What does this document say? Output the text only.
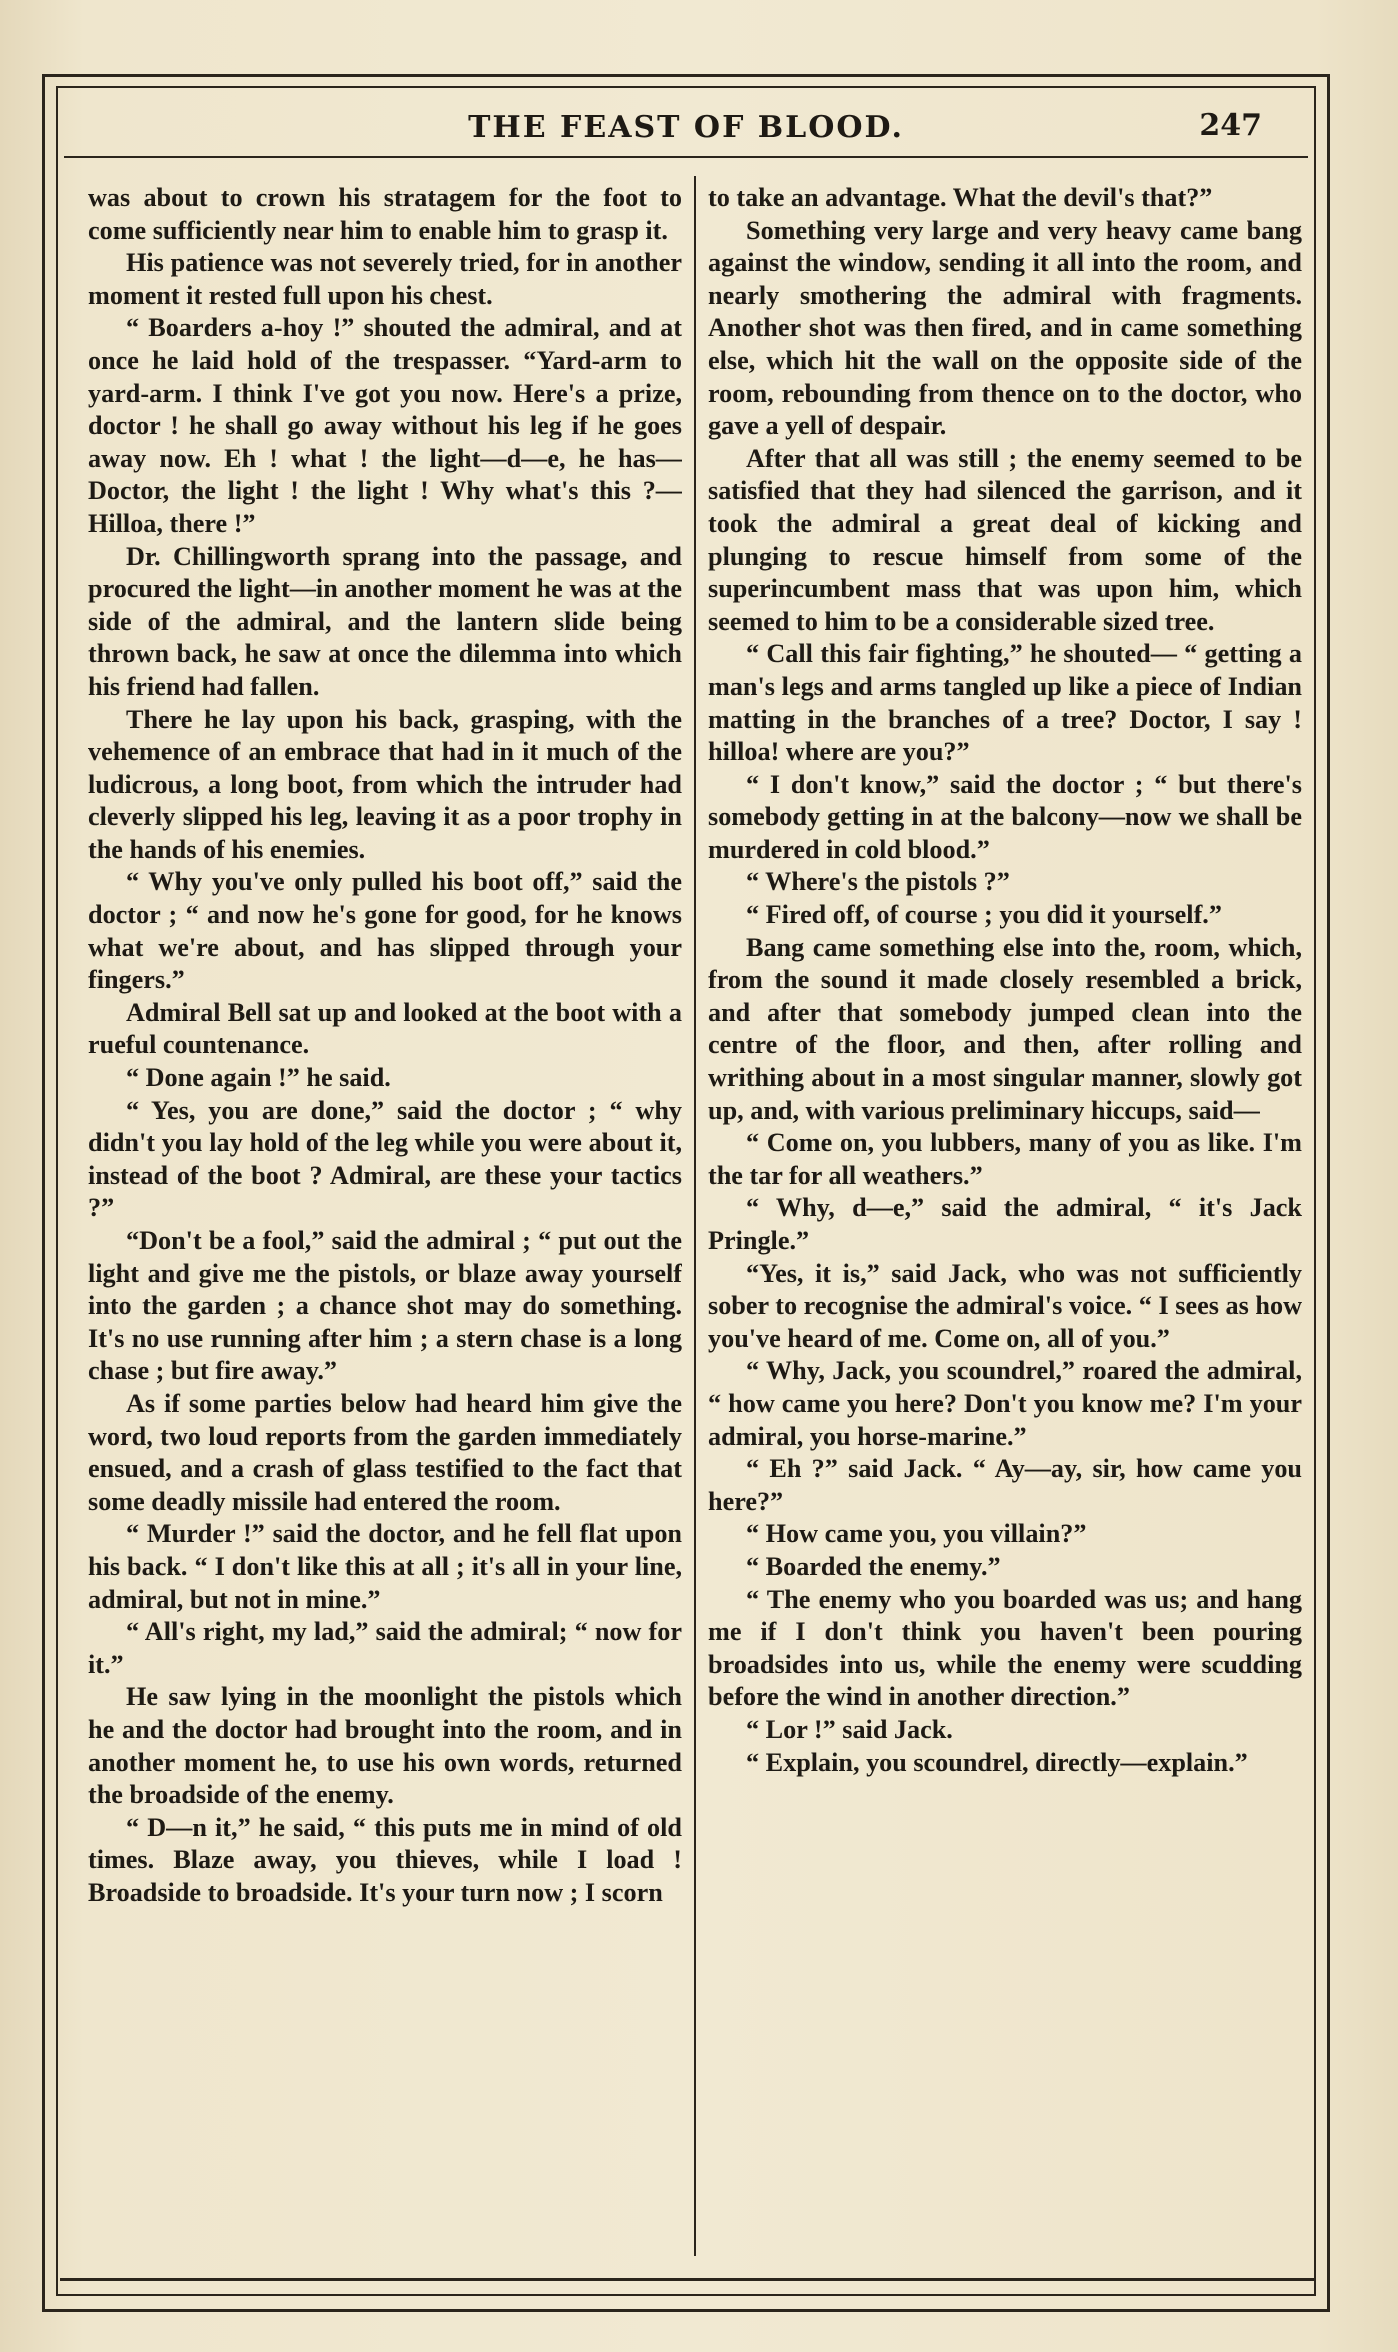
THE FEAST OF BLOOD.	247

was about to crown his stratagem for the foot to come sufficiently near him to enable him to grasp it.

His patience was not severely tried, for in another moment it rested full upon his chest.

“ Boarders a-hoy !” shouted the admiral, and at once he laid hold of the trespasser. “Yard-arm to yard-arm. I think I've got you now. Here's a prize, doctor ! he shall go away without his leg if he goes away now. Eh ! what ! the light—d—e, he has—Doctor, the light ! the light ! Why what's this ?—Hilloa, there !”

Dr. Chillingworth sprang into the passage, and procured the light—in another moment he was at the side of the admiral, and the lantern slide being thrown back, he saw at once the dilemma into which his friend had fallen.

There he lay upon his back, grasping, with the vehemence of an embrace that had in it much of the ludicrous, a long boot, from which the intruder had cleverly slipped his leg, leaving it as a poor trophy in the hands of his enemies.

“ Why you've only pulled his boot off,” said the doctor ; “ and now he's gone for good, for he knows what we're about, and has slipped through your fingers.”

Admiral Bell sat up and looked at the boot with a rueful countenance.

“ Done again !” he said.

“ Yes, you are done,” said the doctor ; “ why didn't you lay hold of the leg while you were about it, instead of the boot ? Admiral, are these your tactics ?”

“Don't be a fool,” said the admiral ; “ put out the light and give me the pistols, or blaze away yourself into the garden ; a chance shot may do something. It's no use running after him ; a stern chase is a long chase ; but fire away.”

As if some parties below had heard him give the word, two loud reports from the garden immediately ensued, and a crash of glass testified to the fact that some deadly missile had entered the room.

“ Murder !” said the doctor, and he fell flat upon his back. “ I don't like this at all ; it's all in your line, admiral, but not in mine.”

“ All's right, my lad,” said the admiral; “ now for it.”

He saw lying in the moonlight the pistols which he and the doctor had brought into the room, and in another moment he, to use his own words, returned the broadside of the enemy.

“ D—n it,” he said, “ this puts me in mind of old times. Blaze away, you thieves, while I load ! Broadside to broadside. It's your turn now ; I scorn

to take an advantage. What the devil's that?”

Something very large and very heavy came bang against the window, sending it all into the room, and nearly smothering the admiral with fragments. Another shot was then fired, and in came something else, which hit the wall on the opposite side of the room, rebounding from thence on to the doctor, who gave a yell of despair.

After that all was still ; the enemy seemed to be satisfied that they had silenced the garrison, and it took the admiral a great deal of kicking and plunging to rescue himself from some of the superincumbent mass that was upon him, which seemed to him to be a considerable sized tree.

“ Call this fair fighting,” he shouted— “ getting a man's legs and arms tangled up like a piece of Indian matting in the branches of a tree? Doctor, I say ! hilloa! where are you?”

“ I don't know,” said the doctor ; “ but there's somebody getting in at the balcony—now we shall be murdered in cold blood.”

“ Where's the pistols ?”

“ Fired off, of course ; you did it yourself.”

Bang came something else into the, room, which, from the sound it made closely resembled a brick, and after that somebody jumped clean into the centre of the floor, and then, after rolling and writhing about in a most singular manner, slowly got up, and, with various preliminary hiccups, said—

“ Come on, you lubbers, many of you as like. I'm the tar for all weathers.”

“ Why, d—e,” said the admiral, “ it's Jack Pringle.”

“Yes, it is,” said Jack, who was not sufficiently sober to recognise the admiral's voice. “ I sees as how you've heard of me. Come on, all of you.”

“ Why, Jack, you scoundrel,” roared the admiral, “ how came you here? Don't you know me? I'm your admiral, you horse-marine.”

“ Eh ?” said Jack. “ Ay—ay, sir, how came you here?”

“ How came you, you villain?”

“ Boarded the enemy.”

“ The enemy who you boarded was us; and hang me if I don't think you haven't been pouring broadsides into us, while the enemy were scudding before the wind in another direction.”

“ Lor !” said Jack.

“ Explain, you scoundrel, directly—explain.”
